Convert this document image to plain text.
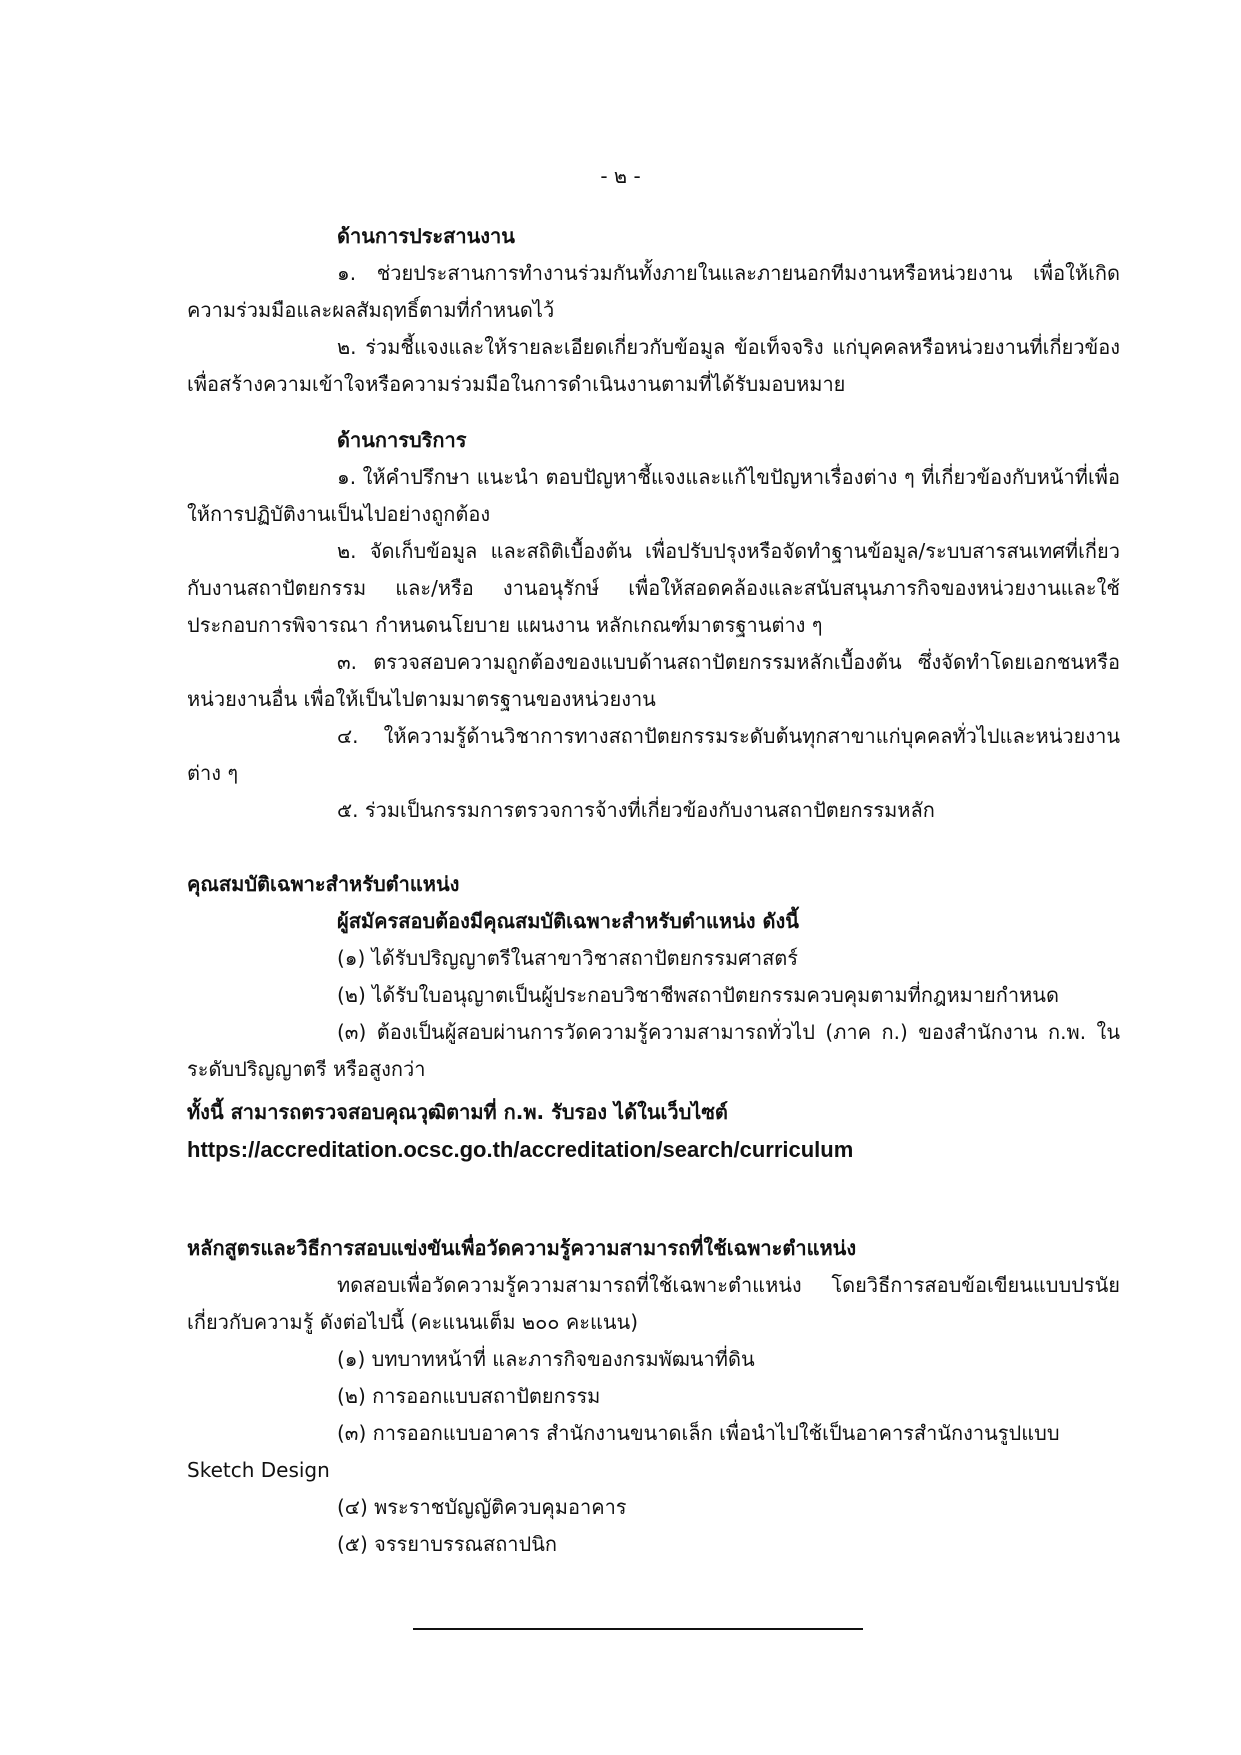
- ๒ -
ด้านการประสานงาน
๑. ช่วยประสานการทำงานร่วมกันทั้งภายในและภายนอกทีมงานหรือหน่วยงาน เพื่อให้เกิดความร่วมมือและผลสัมฤทธิ์ตามที่กำหนดไว้
๒. ร่วมชี้แจงและให้รายละเอียดเกี่ยวกับข้อมูล ข้อเท็จจริง แก่บุคคลหรือหน่วยงานที่เกี่ยวข้อง เพื่อสร้างความเข้าใจหรือความร่วมมือในการดำเนินงานตามที่ได้รับมอบหมาย
ด้านการบริการ
๑. ให้คำปรึกษา แนะนำ ตอบปัญหาชี้แจงและแก้ไขปัญหาเรื่องต่าง ๆ ที่เกี่ยวข้องกับหน้าที่เพื่อให้การปฏิบัติงานเป็นไปอย่างถูกต้อง
๒. จัดเก็บข้อมูล และสถิติเบื้องต้น เพื่อปรับปรุงหรือจัดทำฐานข้อมูล/ระบบสารสนเทศที่เกี่ยวกับงานสถาปัตยกรรม และ/หรือ งานอนุรักษ์ เพื่อให้สอดคล้องและสนับสนุนภารกิจของหน่วยงานและใช้ประกอบการพิจารณา กำหนดนโยบาย แผนงาน หลักเกณฑ์มาตรฐานต่าง ๆ
๓. ตรวจสอบความถูกต้องของแบบด้านสถาปัตยกรรมหลักเบื้องต้น ซึ่งจัดทำโดยเอกชนหรือหน่วยงานอื่น เพื่อให้เป็นไปตามมาตรฐานของหน่วยงาน
๔. ให้ความรู้ด้านวิชาการทางสถาปัตยกรรมระดับต้นทุกสาขาแก่บุคคลทั่วไปและหน่วยงานต่าง ๆ
๕. ร่วมเป็นกรรมการตรวจการจ้างที่เกี่ยวข้องกับงานสถาปัตยกรรมหลัก
คุณสมบัติเฉพาะสำหรับตำแหน่ง
ผู้สมัครสอบต้องมีคุณสมบัติเฉพาะสำหรับตำแหน่ง ดังนี้
(๑) ได้รับปริญญาตรีในสาขาวิชาสถาปัตยกรรมศาสตร์
(๒) ได้รับใบอนุญาตเป็นผู้ประกอบวิชาชีพสถาปัตยกรรมควบคุมตามที่กฎหมายกำหนด
(๓) ต้องเป็นผู้สอบผ่านการวัดความรู้ความสามารถทั่วไป (ภาค ก.) ของสำนักงาน ก.พ. ในระดับปริญญาตรี หรือสูงกว่า
ทั้งนี้ สามารถตรวจสอบคุณวุฒิตามที่ ก.พ. รับรอง ได้ในเว็บไซต์
https://accreditation.ocsc.go.th/accreditation/search/curriculum
หลักสูตรและวิธีการสอบแข่งขันเพื่อวัดความรู้ความสามารถที่ใช้เฉพาะตำแหน่ง
ทดสอบเพื่อวัดความรู้ความสามารถที่ใช้เฉพาะตำแหน่ง โดยวิธีการสอบข้อเขียนแบบปรนัยเกี่ยวกับความรู้ ดังต่อไปนี้ (คะแนนเต็ม ๒๐๐ คะแนน)
(๑) บทบาทหน้าที่ และภารกิจของกรมพัฒนาที่ดิน
(๒) การออกแบบสถาปัตยกรรม
(๓) การออกแบบอาคาร สำนักงานขนาดเล็ก เพื่อนำไปใช้เป็นอาคารสำนักงานรูปแบบ Sketch Design
(๔) พระราชบัญญัติควบคุมอาคาร
(๕) จรรยาบรรณสถาปนิก
